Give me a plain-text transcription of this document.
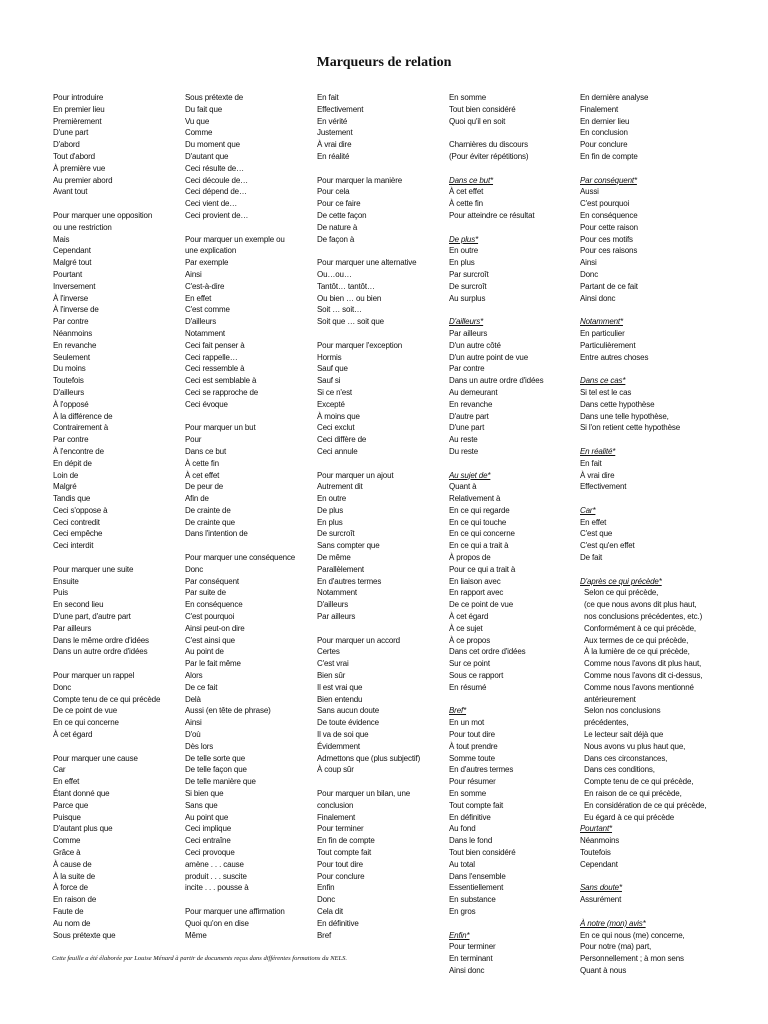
Marqueurs de relation
Pour introduire
En premier lieu
Premièrement
D'une part
D'abord
Tout d'abord
À première vue
Au premier abord
Avant tout
Pour marquer une opposition
ou une restriction
Mais
Cependant
Malgré tout
Pourtant
Inversement
À l'inverse
À l'inverse de
Par contre
Néanmoins
En revanche
Seulement
Du moins
Toutefois
D'ailleurs
À l'opposé
À la différence de
Contrairement à
Par contre
À l'encontre de
En dépit de
Loin de
Malgré
Tandis que
Ceci s'oppose à
Ceci contredit
Ceci empêche
Ceci interdit
Pour marquer une suite
Ensuite
Puis
En second lieu
D'une part, d'autre part
Par ailleurs
Dans le même ordre d'idées
Dans un autre ordre d'idées
Pour marquer un rappel
Donc
Compte tenu de ce qui précède
De ce point de vue
En ce qui concerne
À cet égard
Pour marquer une cause
Car
En effet
Étant donné que
Parce que
Puisque
D'autant plus que
Comme
Grâce à
À cause de
À la suite de
À force de
En raison de
Faute de
Au nom de
Sous prétexte que
Sous prétexte de
Du fait que
Vu que
Comme
Du moment que
D'autant que
Ceci résulte de…
Ceci découle de…
Ceci dépend de…
Ceci vient de…
Ceci provient de…
Pour marquer un exemple ou
une explication
Par exemple
Ainsi
C'est-à-dire
En effet
C'est comme
D'ailleurs
Notamment
Ceci fait penser à
Ceci rappelle…
Ceci ressemble à
Ceci est semblable à
Ceci se rapproche de
Ceci évoque
Pour marquer un but
Pour
Dans ce but
À cette fin
À cet effet
De peur de
Afin de
De crainte de
De crainte que
Dans l'intention de
Pour marquer une conséquence
Donc
Par conséquent
Par suite de
En conséquence
C'est pourquoi
Ainsi peut-on dire
C'est ainsi que
Au point de
Par le fait même
Alors
De ce fait
Delà
Aussi (en tête de phrase)
Ainsi
D'où
Dès lors
De telle sorte que
De telle façon que
De telle manière que
Si bien que
Sans que
Au point que
Ceci implique
Ceci entraîne
Ceci provoque
amène . . . cause
produit . . . suscite
incite . . . pousse à
Pour marquer une affirmation
Quoi qu'on en dise
Même
En fait
Effectivement
En vérité
Justement
À vrai dire
En réalité
Pour marquer la manière
Pour cela
Pour ce faire
De cette façon
De nature à
De façon à
Pour marquer une alternative
Ou…ou…
Tantôt… tantôt…
Ou bien … ou bien
Soit … soit…
Soit que … soit que
Pour marquer l'exception
Hormis
Sauf que
Sauf si
Si ce n'est
Excepté
À moins que
Ceci exclut
Ceci diffère de
Ceci annule
Pour marquer un ajout
Autrement dit
En outre
De plus
En plus
De surcroît
Sans compter que
De même
Parallèlement
En d'autres termes
Notamment
D'ailleurs
Par ailleurs
Pour marquer un accord
Certes
C'est vrai
Bien sûr
Il est vrai que
Bien entendu
Sans aucun doute
De toute évidence
Il va de soi que
Évidemment
Admettons que (plus subjectif)
À coup sûr
Pour marquer un bilan, une
conclusion
Finalement
Pour terminer
En fin de compte
Tout compte fait
Pour tout dire
Pour conclure
Enfin
Donc
Cela dit
En définitive
Bref
En somme
Tout bien considéré
Quoi qu'il en soit
Charnières du discours
(Pour éviter répétitions)
Dans ce but*
À cet effet
À cette fin
Pour atteindre ce résultat
De plus*
En outre
En plus
Par surcroît
De surcroît
Au surplus
D'ailleurs*
Par ailleurs
D'un autre côté
D'un autre point de vue
Par contre
Dans un autre ordre d'idées
Au demeurant
En revanche
D'autre part
D'une part
Au reste
Du reste
Au sujet de*
Quant à
Relativement à
En ce qui regarde
En ce qui touche
En ce qui concerne
En ce qui a trait à
À propos de
Pour ce qui a trait à
En liaison avec
En rapport avec
De ce point de vue
À cet égard
À ce sujet
À ce propos
Dans cet ordre d'idées
Sur ce point
Sous ce rapport
En résumé
Bref*
En un mot
Pour tout dire
À tout prendre
Somme toute
En d'autres termes
Pour résumer
En somme
Tout compte fait
En définitive
Au fond
Dans le fond
Tout bien considéré
Au total
Dans l'ensemble
Essentiellement
En substance
En gros
Enfin*
Pour terminer
En terminant
Ainsi donc
En dernière analyse
Finalement
En dernier lieu
En conclusion
Pour conclure
En fin de compte
Par conséquent*
Aussi
C'est pourquoi
En conséquence
Pour cette raison
Pour ces motifs
Pour ces raisons
Ainsi
Donc
Partant de ce fait
Ainsi donc
Notamment*
En particulier
Particulièrement
Entre autres choses
Dans ce cas*
Si tel est le cas
Dans cette hypothèse
Dans une telle hypothèse,
Si l'on retient cette hypothèse
En réalité*
En fait
À vrai dire
Effectivement
Car*
En effet
C'est que
C'est qu'en effet
De fait
D'après ce qui précède*
Selon ce qui précède,
(ce que nous avons dit plus haut,
nos conclusions précédentes, etc.)
Conformément à ce qui précède,
Aux termes de ce qui précède,
À la lumière de ce qui précède,
Comme nous l'avons dit plus haut,
Comme nous l'avons dit ci-dessus,
Comme nous l'avons mentionné
antérieurement
Selon nos conclusions
précédentes,
Le lecteur sait déjà que
Nous avons vu plus haut que,
Dans ces circonstances,
Dans ces conditions,
Compte tenu de ce qui précède,
En raison de ce qui précède,
En considération de ce qui précède,
Eu égard à ce qui précède
Pourtant*
Néanmoins
Toutefois
Cependant
Sans doute*
Assurément
À notre (mon) avis*
En ce qui nous (me) concerne,
Pour notre (ma) part,
Personnellement ; à mon sens
Quant à nous
Cette feuille a été élaborée par Louise Ménard à partir de documents reçus dans différentes formations du NELS.
